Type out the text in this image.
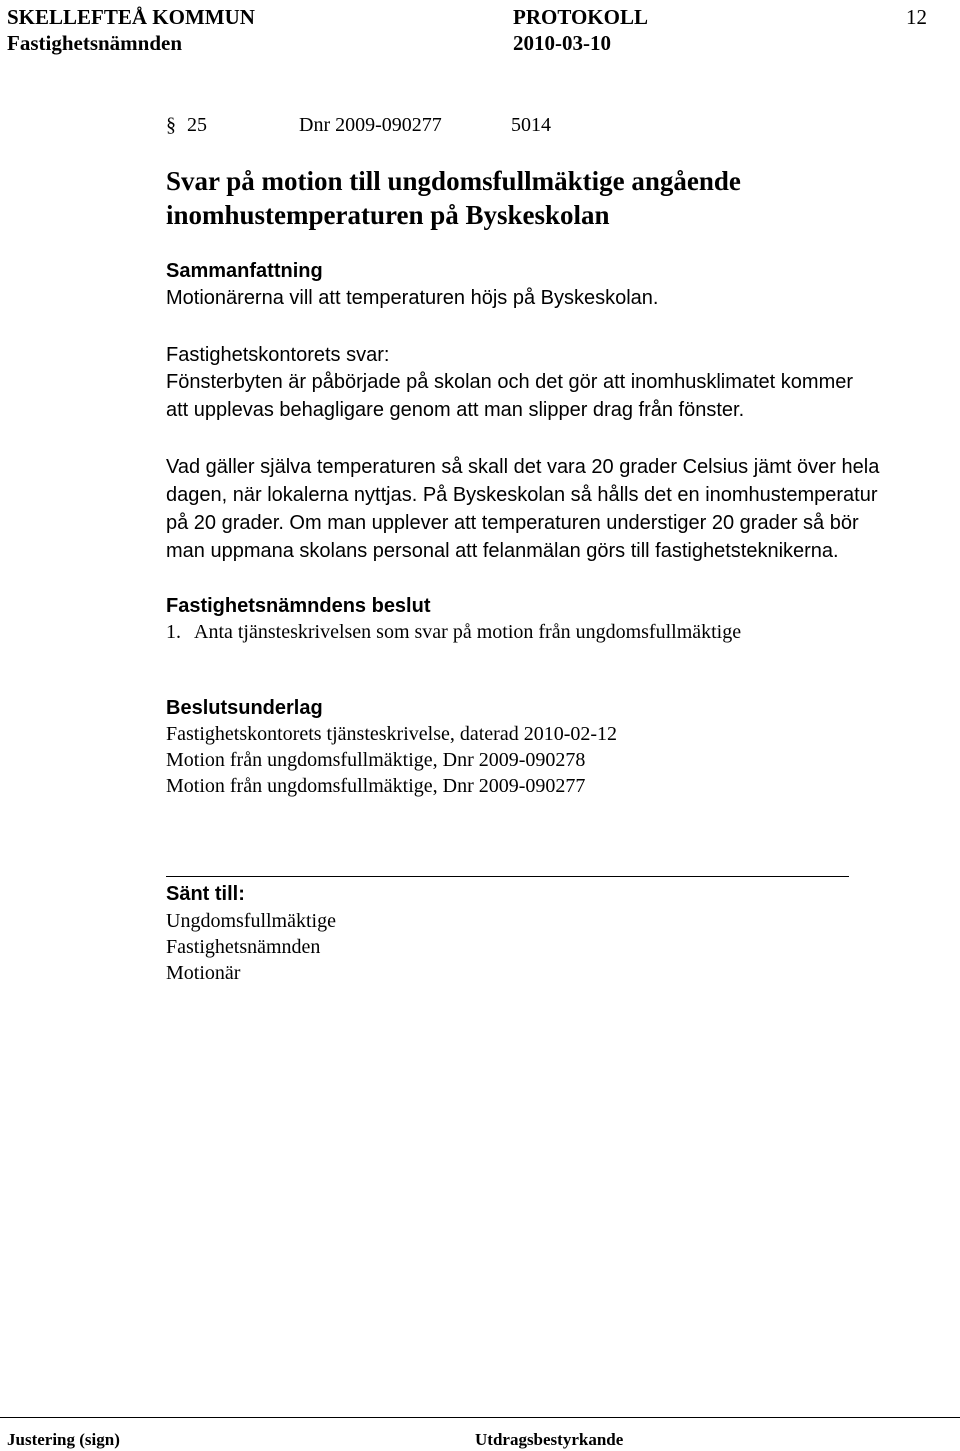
SKELLEFTEÅ KOMMUN
Fastighetsnämnden
PROTOKOLL
2010-03-10
12
§ 25	Dnr 2009-090277	5014
Svar på motion till ungdomsfullmäktige angående
inomhustemperaturen på Byskeskolan
Sammanfattning
Motionärerna vill att temperaturen höjs på Byskeskolan.
Fastighetskontorets svar:
Fönsterbyten är påbörjade på skolan och det gör att inomhusklimatet kommer
att upplevas behagligare genom att man slipper drag från fönster.
Vad gäller själva temperaturen så skall det vara 20 grader Celsius jämt över hela
dagen, när lokalerna nyttjas. På Byskeskolan så hålls det en inomhustemperatur
på 20 grader. Om man upplever att temperaturen understiger 20 grader så bör
man uppmana skolans personal att felanmälan görs till fastighetsteknikerna.
Fastighetsnämndens beslut
1. Anta tjänsteskrivelsen som svar på motion från ungdomsfullmäktige
Beslutsunderlag
Fastighetskontorets tjänsteskrivelse, daterad 2010-02-12
Motion från ungdomsfullmäktige, Dnr 2009-090278
Motion från ungdomsfullmäktige, Dnr 2009-090277
Sänt till:
Ungdomsfullmäktige
Fastighetsnämnden
Motionär
Justering (sign)	Utdragsbestyrkande
